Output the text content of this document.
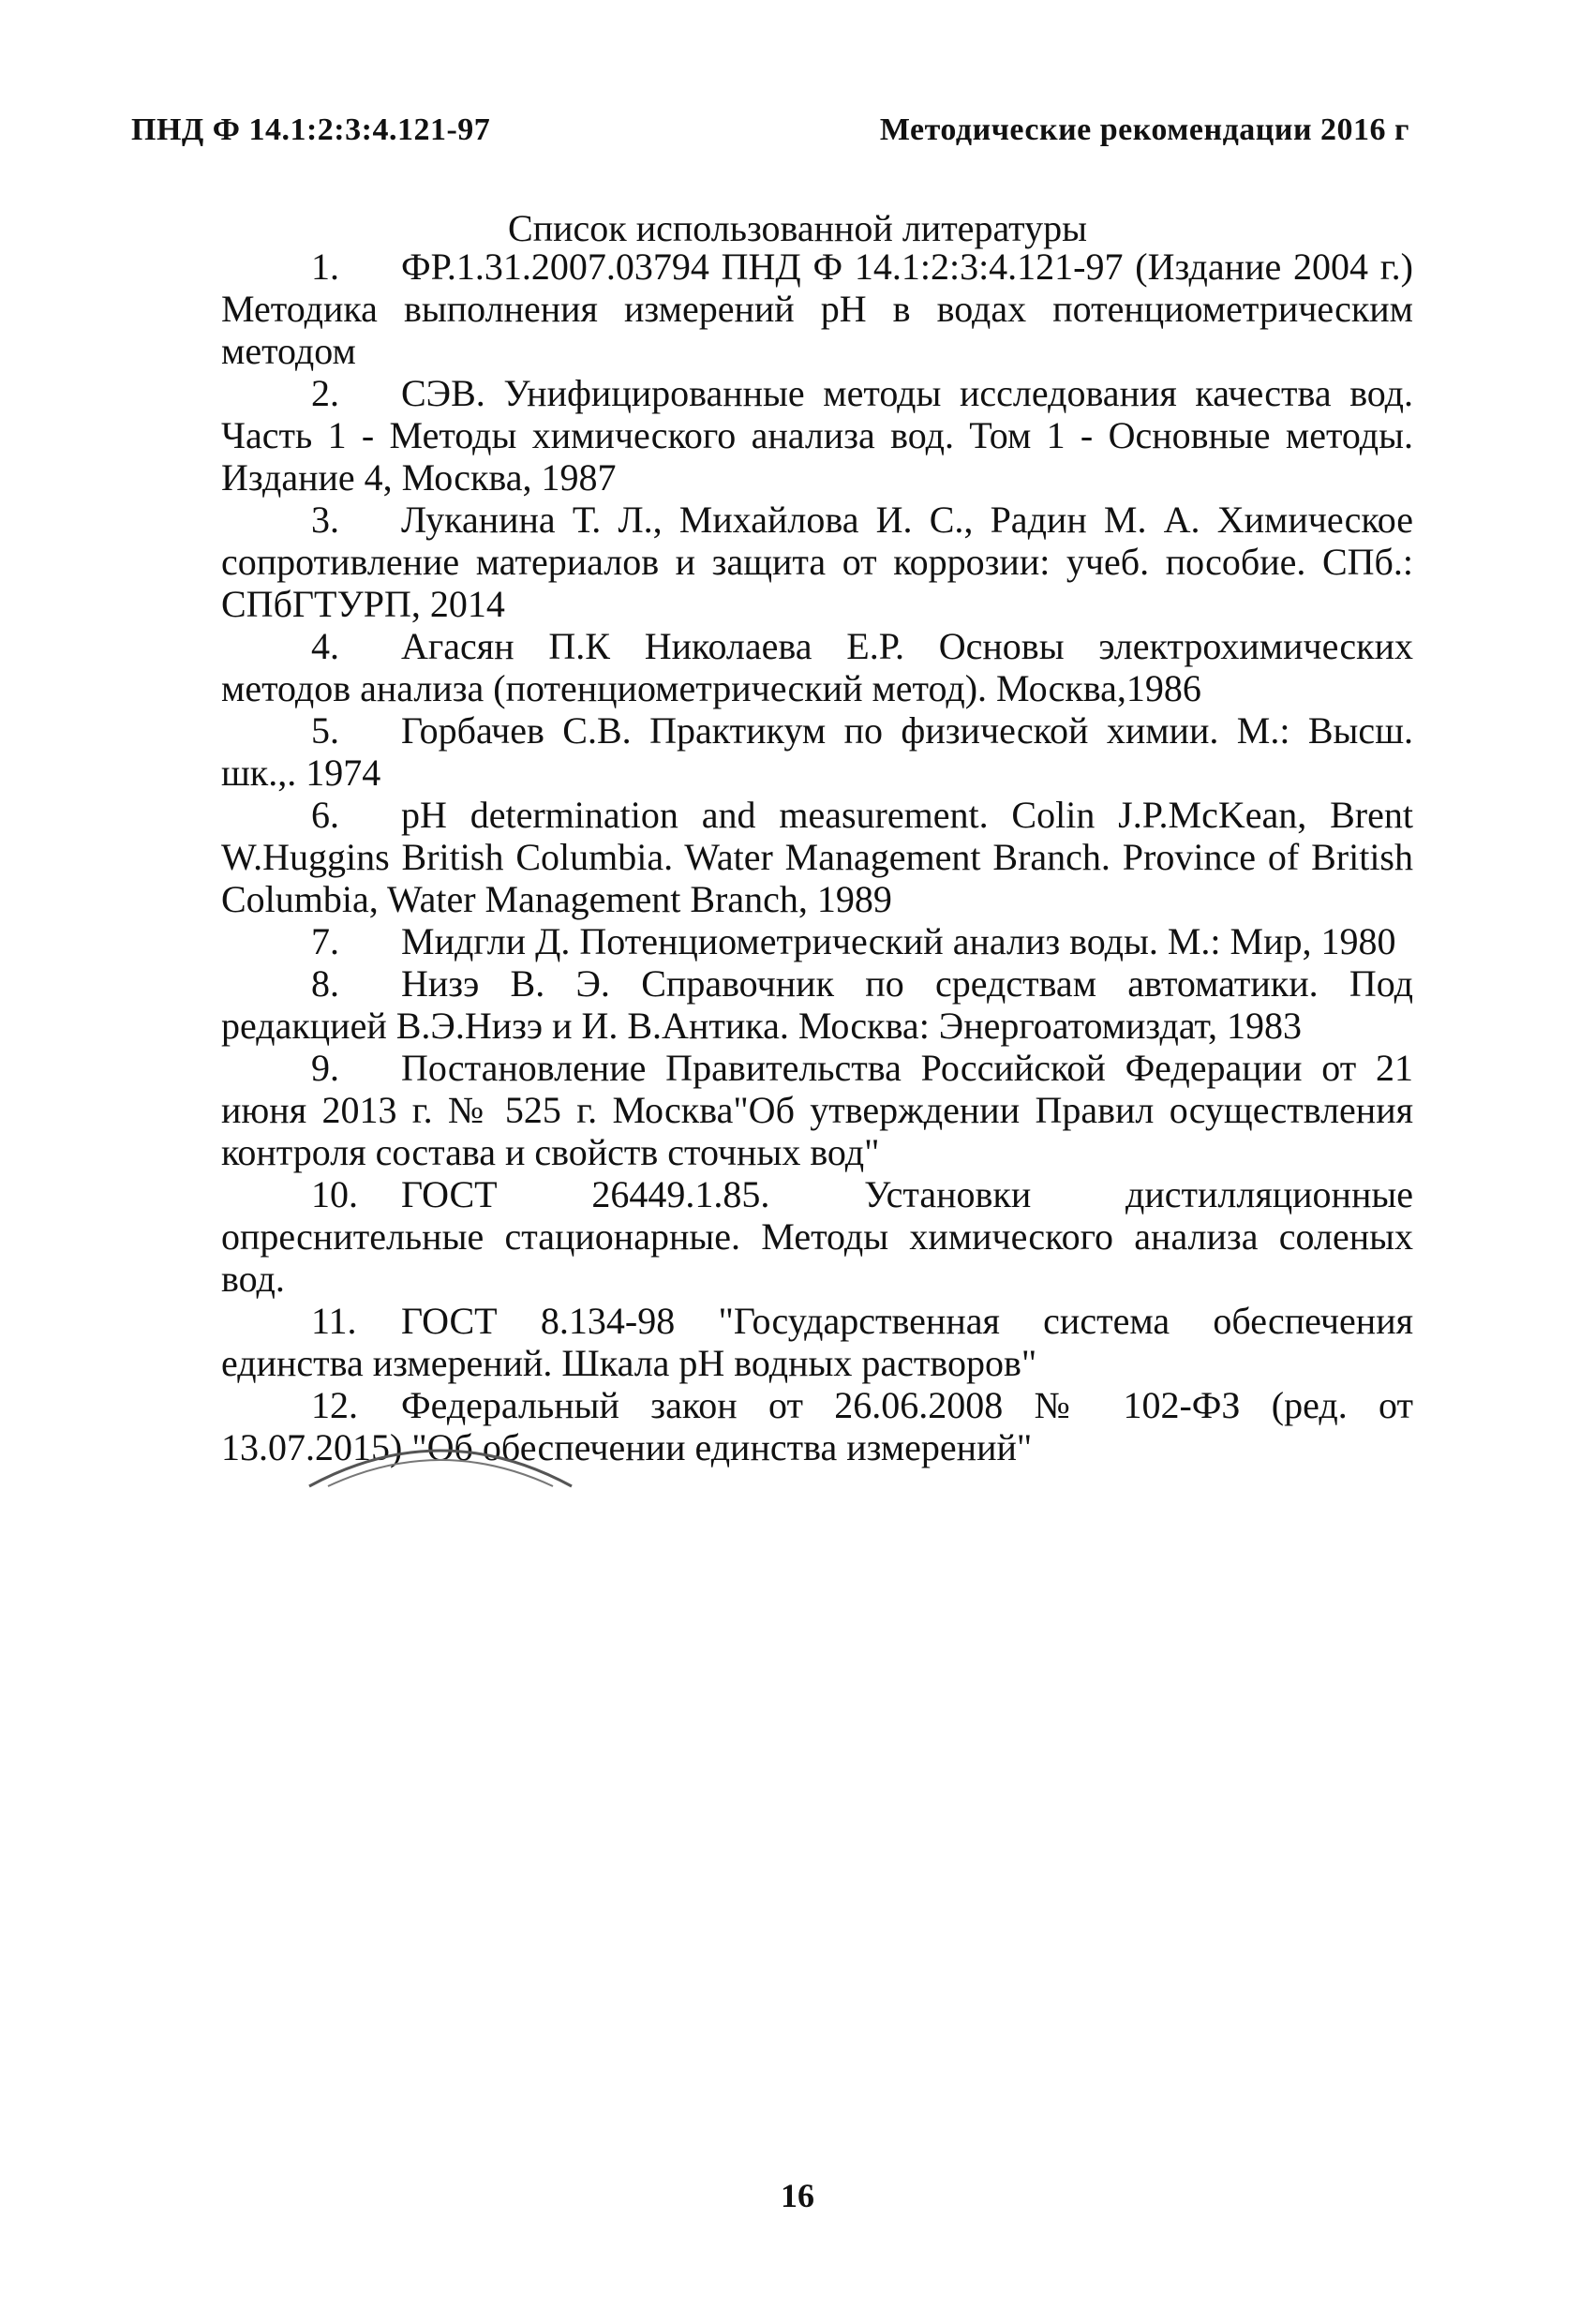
ПНД Ф 14.1:2:3:4.121-97	Методические рекомендации 2016 г
Список использованной литературы

1. ФР.1.31.2007.03794 ПНД Ф 14.1:2:3:4.121-97 (Издание 2004 г.) Методика выполнения измерений pH в водах потенциометрическим методом

2. СЭВ. Унифицированные методы исследования качества вод. Часть 1 - Методы химического анализа вод. Том 1 - Основные методы. Издание 4, Москва, 1987

3. Луканина Т. Л., Михайлова И. С., Радин М. А. Химическое сопротивление материалов и защита от коррозии: учеб. пособие. СПб.: СПбГТУРП, 2014

4. Агасян П.К Николаева Е.Р. Основы электрохимических методов анализа (потенциометрический метод). Москва,1986

5. Горбачев С.В. Практикум по физической химии. М.: Высш. шк.,. 1974

6. pH determination and measurement. Colin J.P.McKean, Brent W.Huggins British Columbia. Water Management Branch. Province of British Columbia, Water Management Branch, 1989

7. Мидгли Д. Потенциометрический анализ воды. М.: Мир, 1980

8. Низэ В. Э. Справочник по средствам автоматики. Под редакцией В.Э.Низэ и И. В.Антика. Москва: Энергоатомиздат, 1983

9. Постановление Правительства Российской Федерации от 21 июня 2013 г. № 525 г. Москва"Об утверждении Правил осуществления контроля состава и свойств сточных вод"

10. ГОСТ 26449.1.85. Установки дистилляционные опреснительные стационарные. Методы химического анализа соленых вод.

11. ГОСТ 8.134-98 "Государственная система обеспечения единства измерений. Шкала pH водных растворов"

12. Федеральный закон от 26.06.2008 № 102-ФЗ (ред. от 13.07.2015) "Об обеспечении единства измерений"

16
